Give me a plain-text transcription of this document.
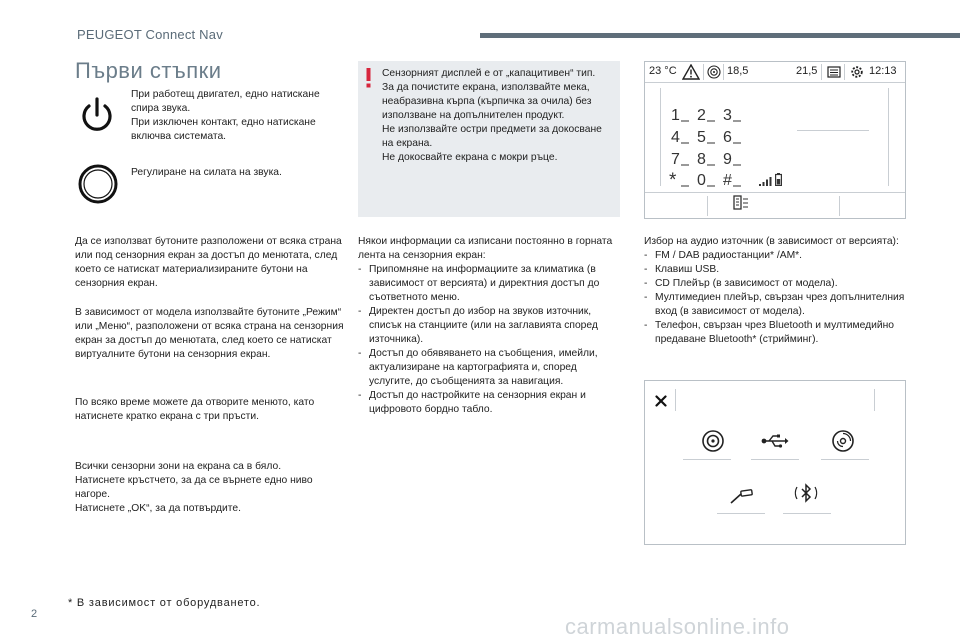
PEUGEOT Connect Nav
Първи стъпки
При работещ двигател, едно натискане спира звука.
При изключен контакт, едно натискане включва системата.
Регулиране на силата на звука.
Да се използват бутоните разположени от всяка страна или под сензорния екран за достъп до менютата, след което се натискат материализираните бутони на сензорния екран.
В зависимост от модела използвайте бутоните „Режим“ или „Меню“, разположени от всяка страна на сензорния екран за достъп до менютата, след което се натискат виртуалните бутони на сензорния екран.
По всяко време можете да отворите менюто, като натиснете кратко екрана с три пръсти.
Всички сензорни зони на екрана са в бяло.
Натиснете кръстчето, за да се върнете едно ниво нагоре.
Натиснете „OK“, за да потвърдите.
Сензорният дисплей е от „капацитивен“ тип.
За да почистите екрана, използвайте мека, неабразивна кърпа (кърпичка за очила) без използване на допълнителен продукт.
Не използвайте остри предмети за докосване на екрана.
Не докосвайте екрана с мокри ръце.
Някои информации са изписани постоянно в горната лента на сензорния екран:
- Припомняне на информациите за климатика (в зависимост от версията) и директния достъп до съответното меню.
- Директен достъп до избор на звуков източник, списък на станциите (или на заглавията според източника).
- Достъп до обявяването на съобщения, имейли, актуализиране на картографията и, според услугите, до съобщенията за навигация.
- Достъп до настройките на сензорния екран и цифровото бордно табло.
23 °C	18,5	21,5	12:13
1 2 3
4 5 6
7 8 9
* 0 #
Избор на аудио източник (в зависимост от версията):
- FM / DAB радиостанции* /AM*.
- Клавиш USB.
- CD Плейър (в зависимост от модела).
- Мултимедиен плейър, свързан чрез допълнителния вход (в зависимост от модела).
- Телефон, свързан чрез Bluetooth и мултимедийно предаване Bluetooth* (стрийминг).
* В зависимост от оборудването.
2	carmanualsonline.info
